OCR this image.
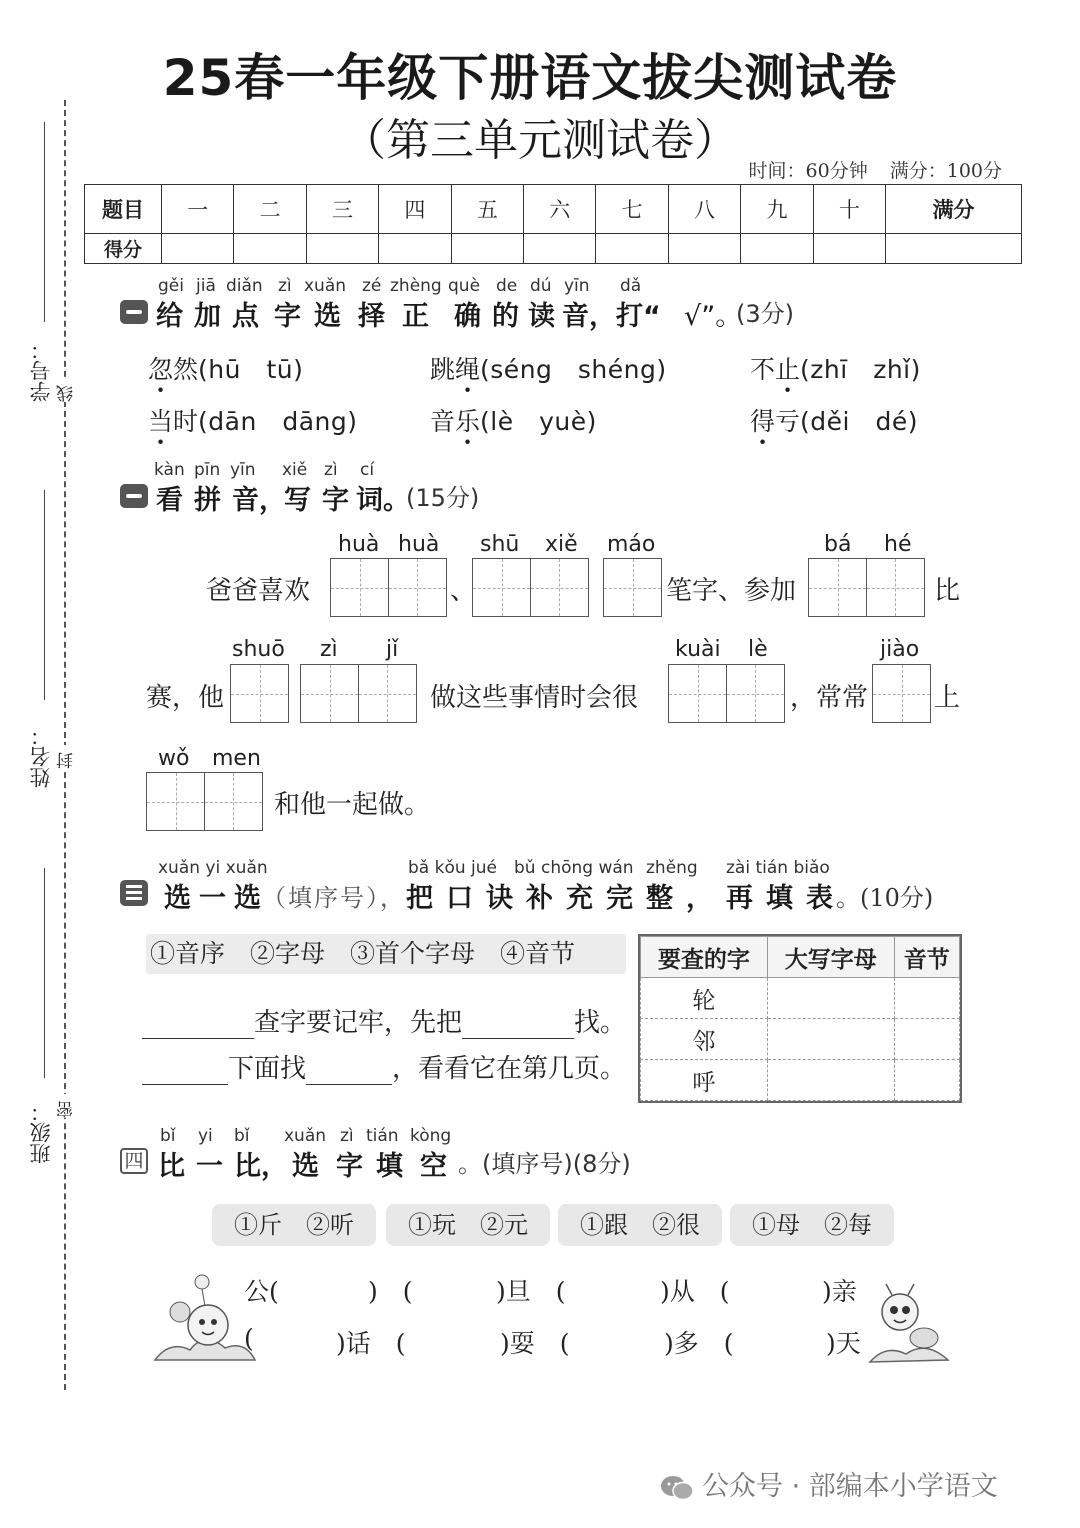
25春一年级下册语文拔尖测试卷
（第三单元测试卷）
时间：60分钟 满分：100分
题目	一	二	三	四	五	六	七	八	九	十	满分
得分											
学号： 线
姓名： 封
班级： 密
gěi jiā diǎn zì xuǎn zé zhèng què de dú yīn dǎ
给 加 点 字 选 择 正 确 的 读 音， 打“ √”。
(3分)
忽然(hū　tū)	跳绳(séng　shéng)	不止(zhī　zhǐ)
当时(dān　dāng)	音乐(lè　yuè)	得亏(děi　dé)
kàn pīn yīn xiě zì cí
看 拼 音，
写 字 词。
(15分)
huà huà shū xiě máo	bá hé
爸爸喜欢	、	笔字、参加	比
shuō zì jǐ	kuài lè	jiào
赛，他	做这些事情时会很	，常常	上
wǒ men
和他一起做。
xuǎn yi xuǎn	bǎ kǒu jué bǔ chōng wán zhěng zài tián biǎo
选一选
（填序号）， 把口诀补充完整，再填表
。(10分)
①音序　②字母　③首个字母　④音节
查字要记牢，先把	找。
下面找	，看看它在第几页。
要查的字	大写字母	音节
轮		
邻		
呼		
四
bǐ yi bǐ xuǎn zì tián kòng
比 一 比， 选 字 填 空 。(填序号)(8分)
①斤　②听	①玩　②元	①跟　②很	①母　②每
公(	)　(	)旦　(	)从　(	)亲
(	)话　(	)耍　(	)多　(	)天
公众号 · 部编本小学语文
